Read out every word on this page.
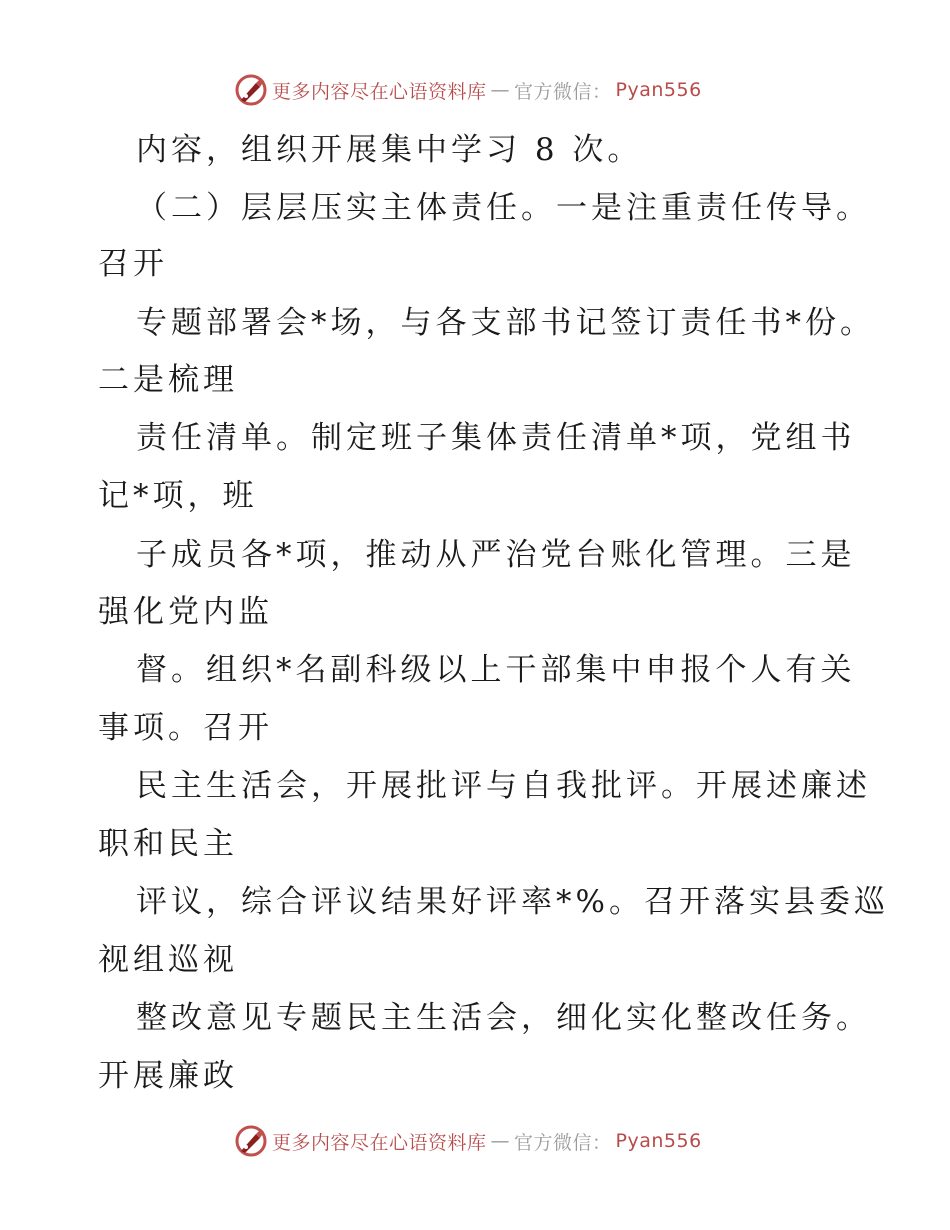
更多内容尽在心语资料库 — 官方微信： Pyan556
内容，组织开展集中学习 8 次。
（二）层层压实主体责任。一是注重责任传导。
召开
专题部署会*场，与各支部书记签订责任书*份。
二是梳理
责任清单。制定班子集体责任清单*项，党组书
记*项，班
子成员各*项，推动从严治党台账化管理。三是
强化党内监
督。组织*名副科级以上干部集中申报个人有关
事项。召开
民主生活会，开展批评与自我批评。开展述廉述
职和民主
评议，综合评议结果好评率*%。召开落实县委巡
视组巡视
整改意见专题民主生活会，细化实化整改任务。
开展廉政
更多内容尽在心语资料库 — 官方微信： Pyan556
